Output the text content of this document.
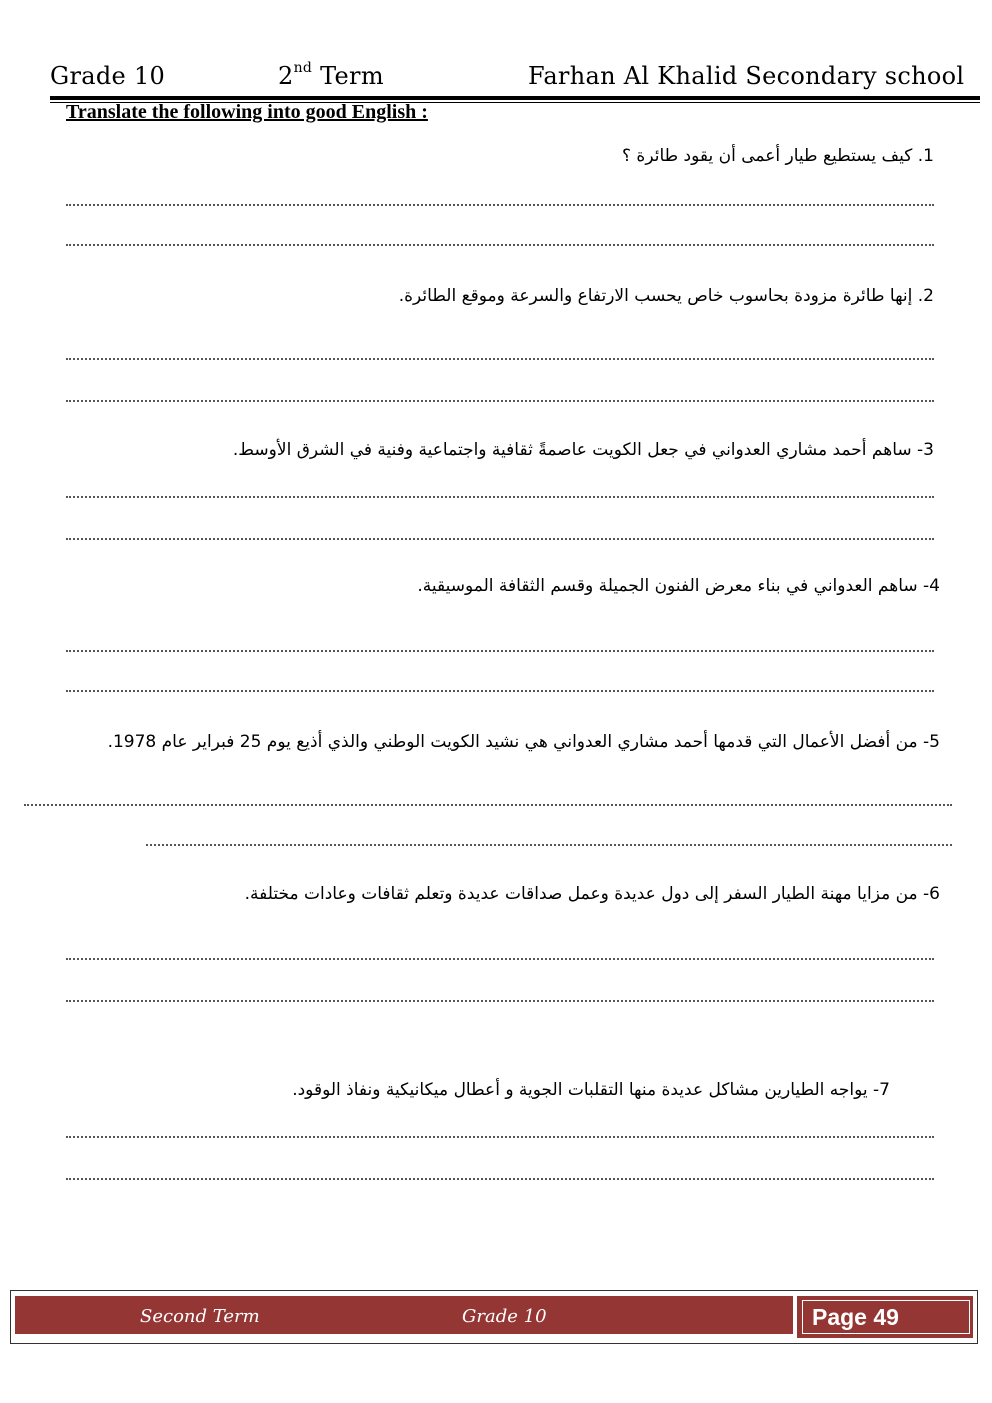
Grade 10	2nd Term	Farhan Al Khalid Secondary school
Translate the following into good English :
1. كيف يستطيع طيار أعمى أن يقود طائرة ؟
2. إنها طائرة مزودة بحاسوب خاص يحسب الارتفاع والسرعة وموقع الطائرة.
3- ساهم أحمد مشاري العدواني في جعل الكويت عاصمةً ثقافية واجتماعية وفنية في الشرق الأوسط.
4- ساهم العدواني في بناء معرض الفنون الجميلة وقسم الثقافة الموسيقية.
5- من أفضل الأعمال التي قدمها أحمد مشاري العدواني هي نشيد الكويت الوطني والذي أذيع يوم 25 فبراير عام 1978.
6- من مزايا مهنة الطيار السفر إلى دول عديدة وعمل صداقات عديدة وتعلم ثقافات وعادات مختلفة.
7- يواجه الطيارين مشاكل عديدة منها التقلبات الجوية و أعطال ميكانيكية ونفاذ الوقود.
Second Term	Grade 10	Page 49
